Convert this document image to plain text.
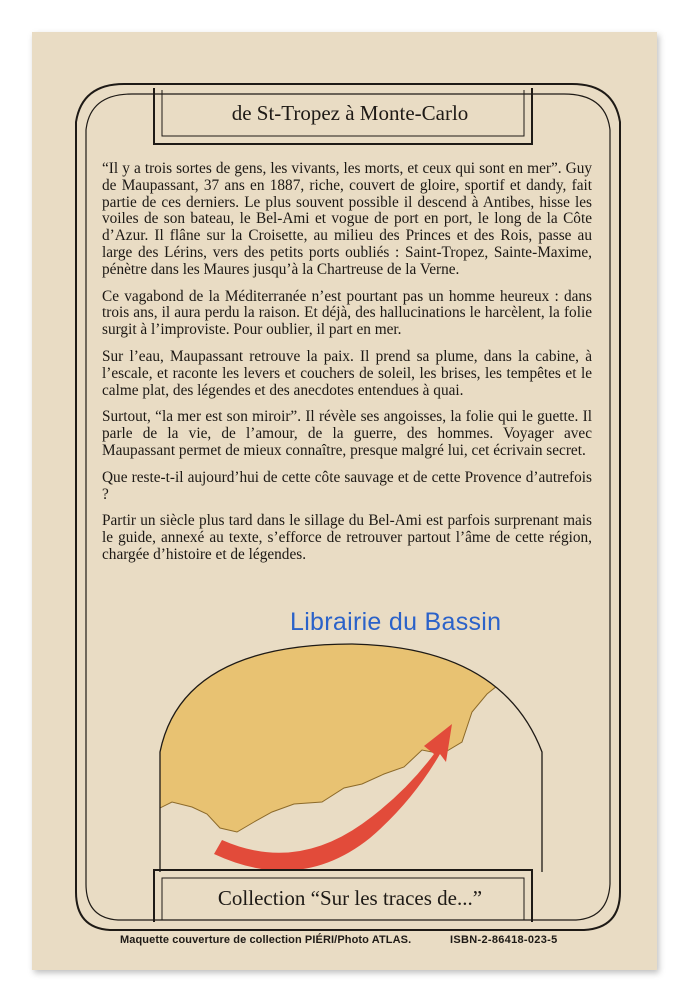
de St-Tropez à Monte-Carlo

“Il y a trois sortes de gens, les vivants, les morts, et ceux qui sont en mer”. Guy de Maupassant, 37 ans en 1887, riche, couvert de gloire, sportif et dandy, fait partie de ces derniers. Le plus souvent possible il descend à Antibes, hisse les voiles de son bateau, le Bel-Ami et vogue de port en port, le long de la Côte d’Azur. Il flâne sur la Croisette, au milieu des Princes et des Rois, passe au large des Lérins, vers des petits ports oubliés : Saint-Tropez, Sainte-Maxime, pénètre dans les Maures jusqu’à la Chartreuse de la Verne.

Ce vagabond de la Méditerranée n’est pourtant pas un homme heureux : dans trois ans, il aura perdu la raison. Et déjà, des hallucinations le harcèlent, la folie surgit à l’improviste. Pour oublier, il part en mer.

Sur l’eau, Maupassant retrouve la paix. Il prend sa plume, dans la cabine, à l’escale, et raconte les levers et couchers de soleil, les brises, les tempêtes et le calme plat, des légendes et des anecdotes entendues à quai.

Surtout, “la mer est son miroir”. Il révèle ses angoisses, la folie qui le guette. Il parle de la vie, de l’amour, de la guerre, des hommes. Voyager avec Maupassant permet de mieux connaître, presque malgré lui, cet écrivain secret.

Que reste-t-il aujourd’hui de cette côte sauvage et de cette Provence d’autrefois ?

Partir un siècle plus tard dans le sillage du Bel-Ami est parfois surprenant mais le guide, annexé au texte, s’efforce de retrouver partout l’âme de cette région, chargée d’histoire et de légendes.

Librairie du Bassin
Collection “Sur les traces de...”
Maquette couverture de collection PIÉRI/Photo ATLAS.	ISBN-2-86418-023-5
